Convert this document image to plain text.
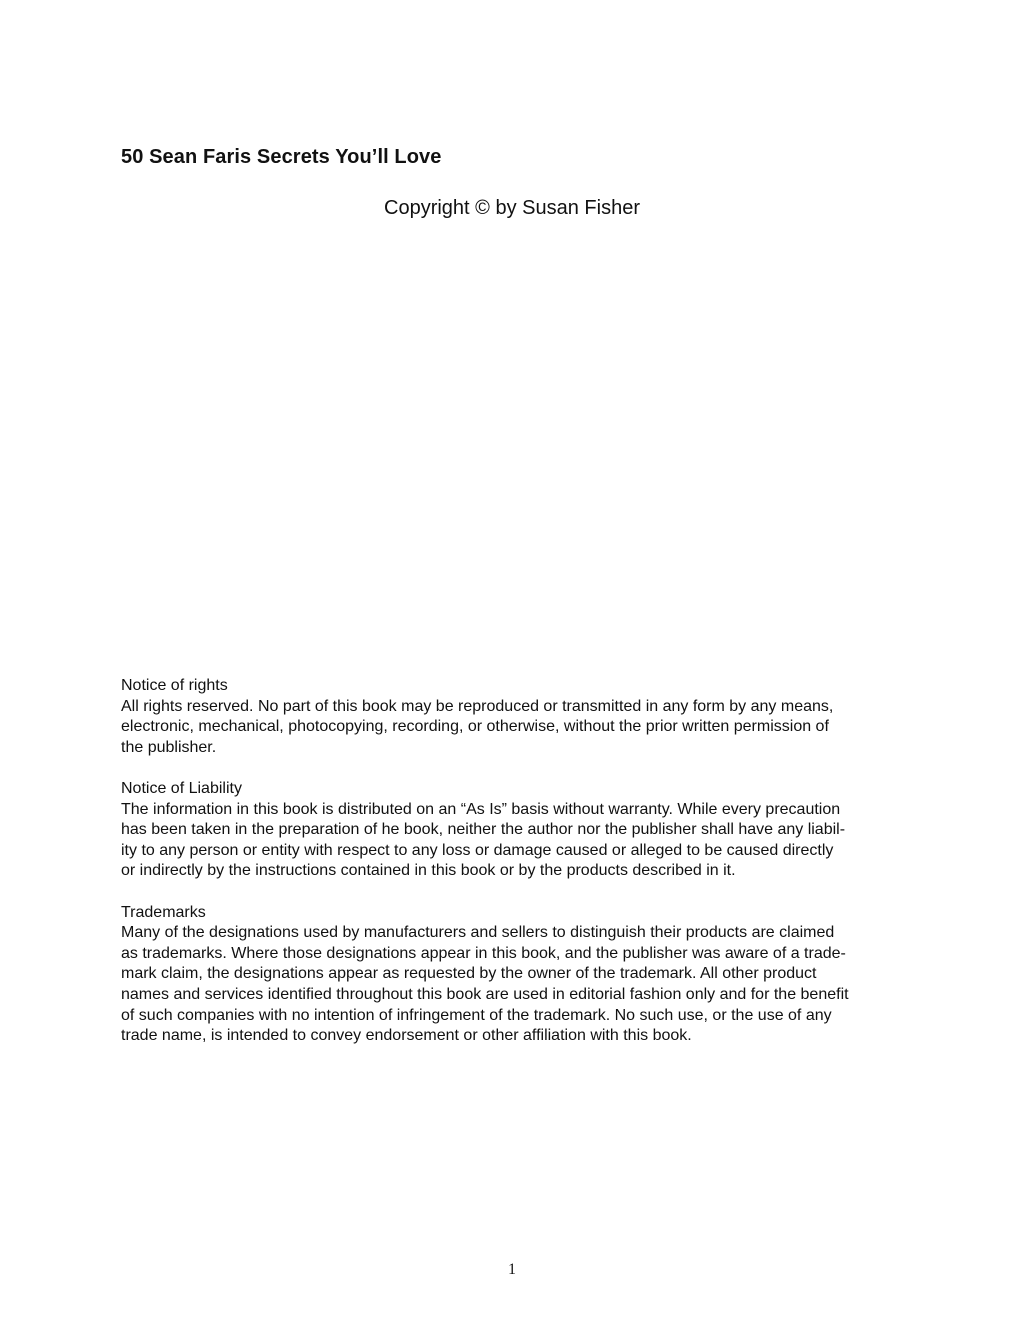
50 Sean Faris Secrets You’ll Love

Copyright © by Susan Fisher

Notice of rights
All rights reserved. No part of this book may be reproduced or transmitted in any form by any means,
electronic, mechanical, photocopying, recording, or otherwise, without the prior written permission of
the publisher.
Notice of Liability
The information in this book is distributed on an “As Is” basis without warranty. While every precaution
has been taken in the preparation of he book, neither the author nor the publisher shall have any liabil-
ity to any person or entity with respect to any loss or damage caused or alleged to be caused directly
or indirectly by the instructions contained in this book or by the products described in it.
Trademarks
Many of the designations used by manufacturers and sellers to distinguish their products are claimed
as trademarks. Where those designations appear in this book, and the publisher was aware of a trade-
mark claim, the designations appear as requested by the owner of the trademark. All other product
names and services identified throughout this book are used in editorial fashion only and for the benefit
of such companies with no intention of infringement of the trademark. No such use, or the use of any
trade name, is intended to convey endorsement or other affiliation with this book.
1
